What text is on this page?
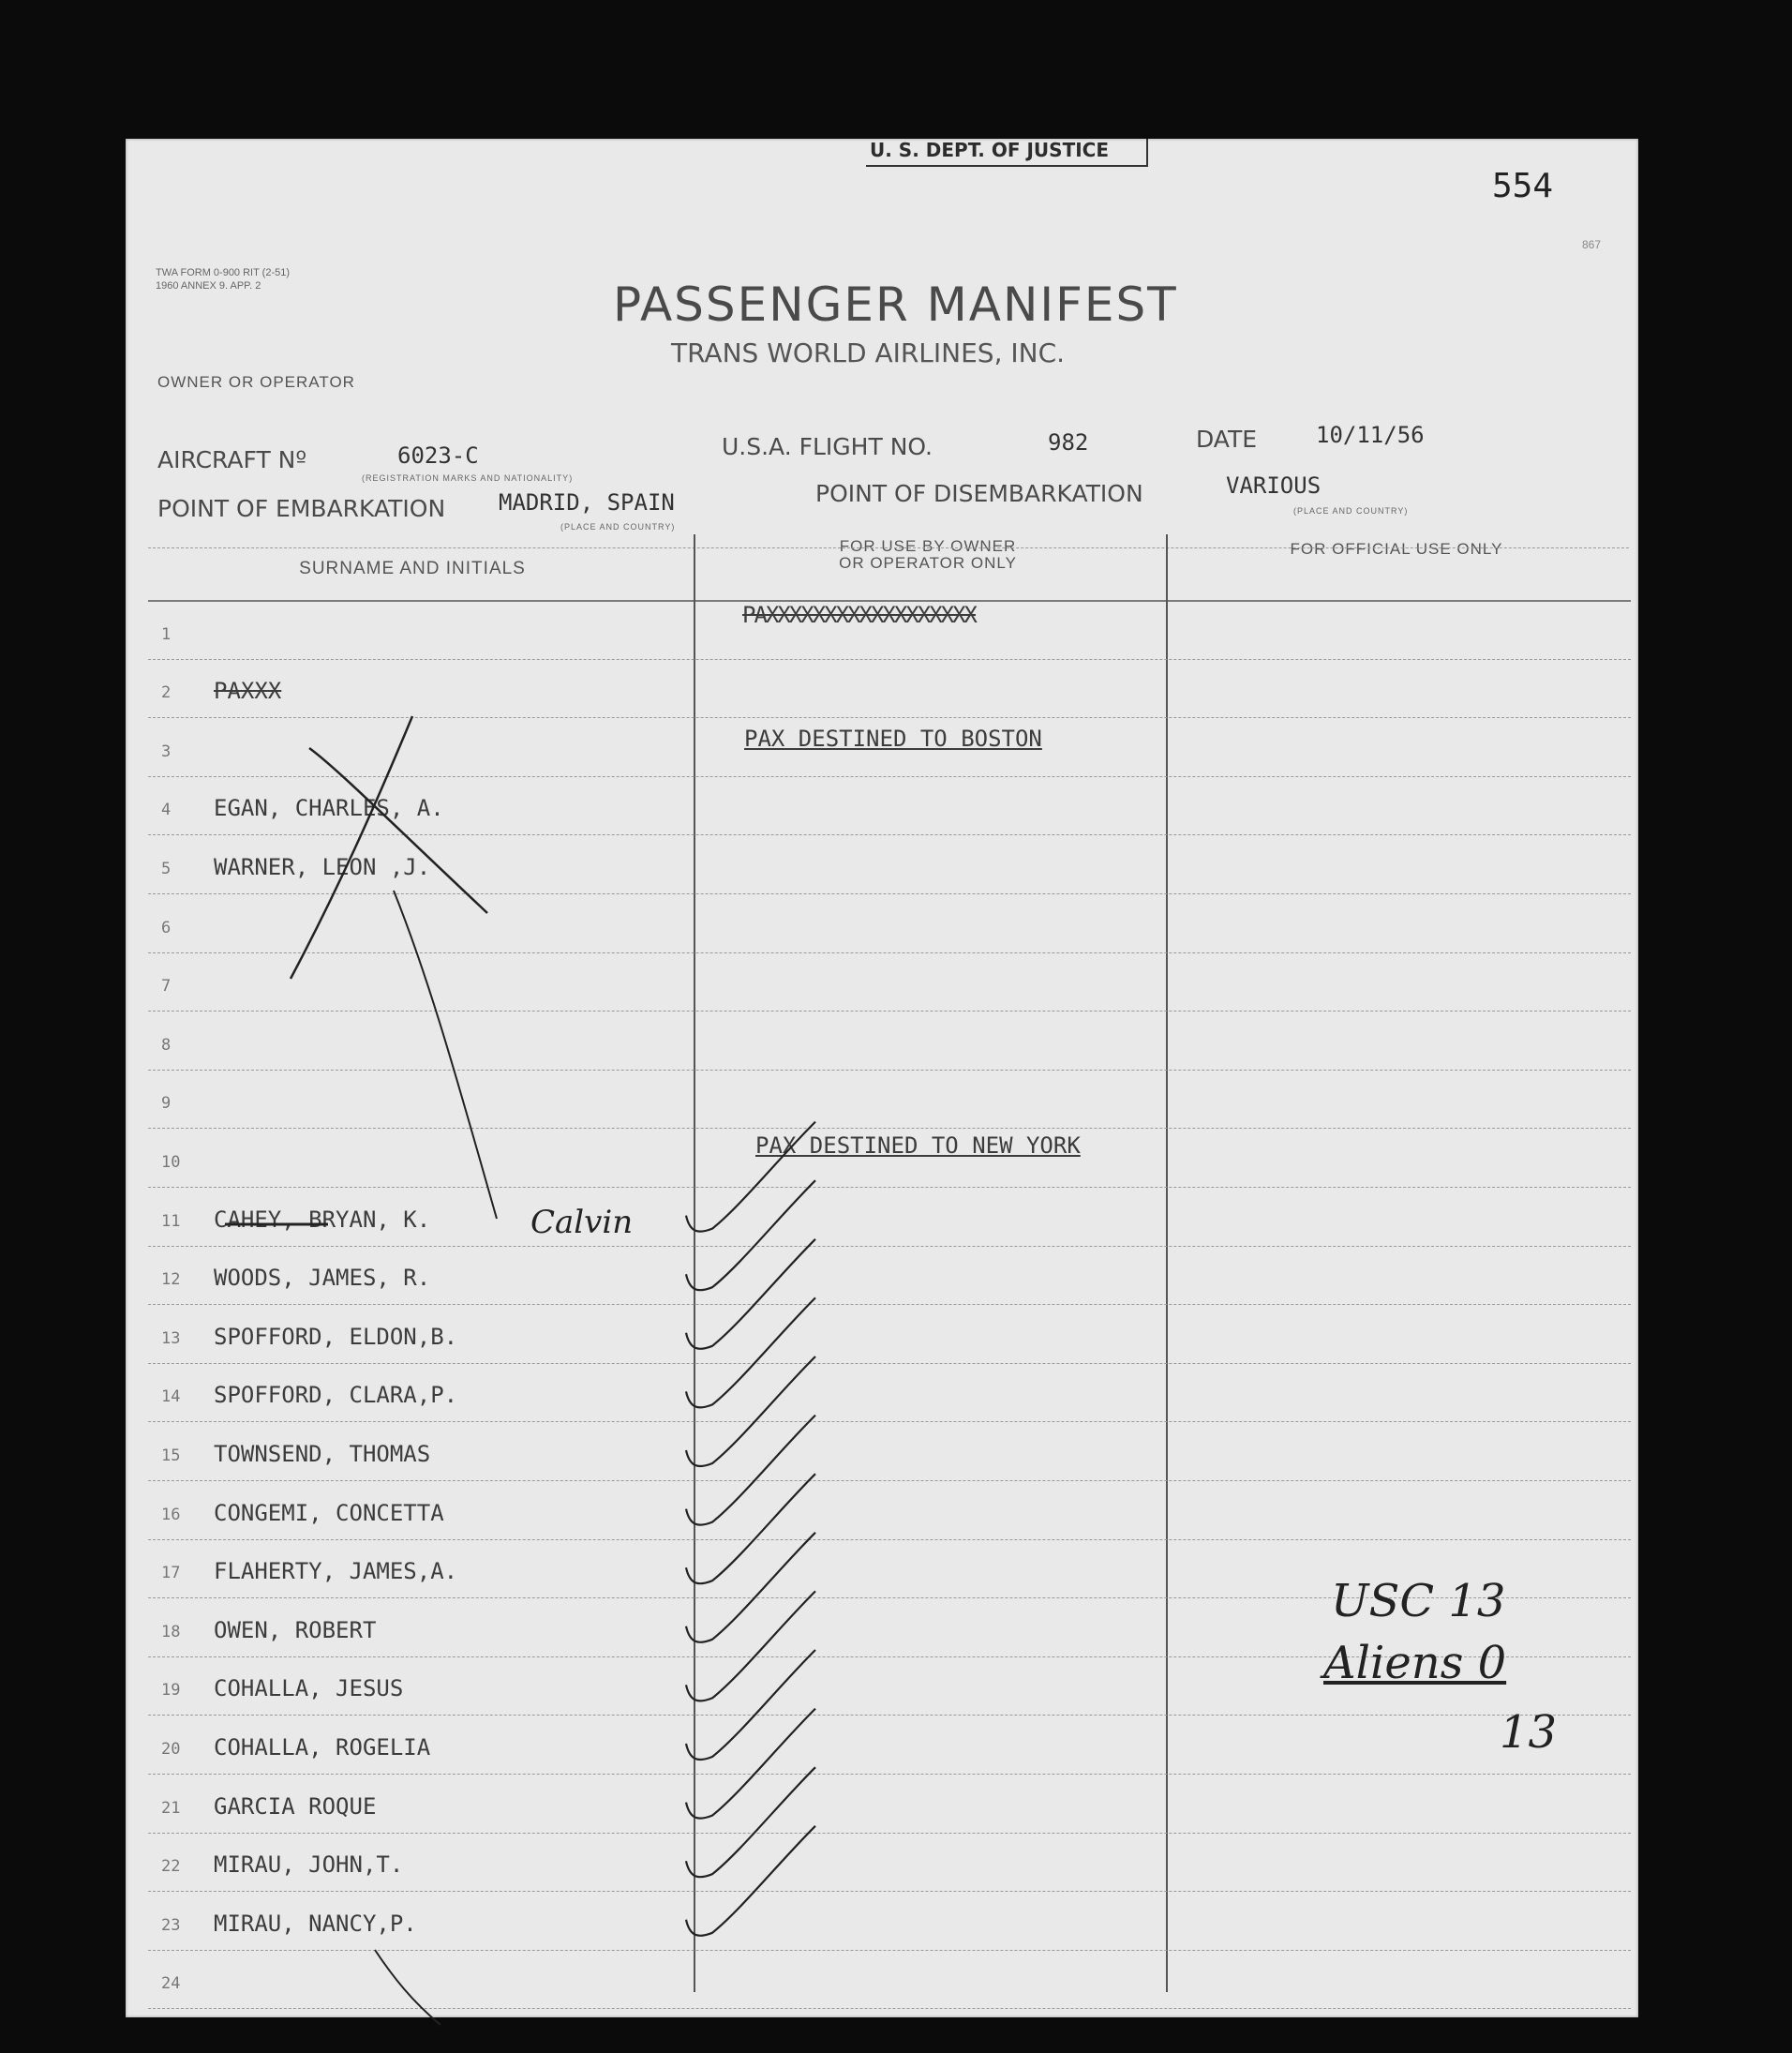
U. S. DEPT. OF JUSTICE
554
867
TWA FORM 0-900 RIT (2-51)
1960 ANNEX 9. APP. 2	PASSENGER MANIFEST
TRANS WORLD AIRLINES, INC.
OWNER OR OPERATOR
AIRCRAFT Nº	6023-C
(REGISTRATION MARKS AND NATIONALITY)
U.S.A. FLIGHT NO.	982	DATE	10/11/56
POINT OF EMBARKATION MADRID, SPAIN
(PLACE AND COUNTRY)
POINT OF DISEMBARKATION	VARIOUS
(PLACE AND COUNTRY)
SURNAME AND INITIALS
FOR USE BY OWNER
OR OPERATOR ONLY
FOR OFFICIAL USE ONLY
1
2	PAXXX
3
4	EGAN, CHARLES, A.
5	WARNER, LEON ,J.
6
7
8
9
10
11	CAHEY, BRYAN, K.
12	WOODS, JAMES, R.
13	SPOFFORD, ELDON,B.
14	SPOFFORD, CLARA,P.
15	TOWNSEND, THOMAS
16	CONGEMI, CONCETTA
17	FLAHERTY, JAMES,A.
18	OWEN, ROBERT
19	COHALLA, JESUS
20	COHALLA, ROGELIA
21	GARCIA ROQUE
22	MIRAU, JOHN,T.
23	MIRAU, NANCY,P.
24
PAXXXXXXXXXXXXXXXXXX
PAX DESTINED TO BOSTON
PAX DESTINED TO NEW YORK
Calvin
USC 13
Aliens 0
13
